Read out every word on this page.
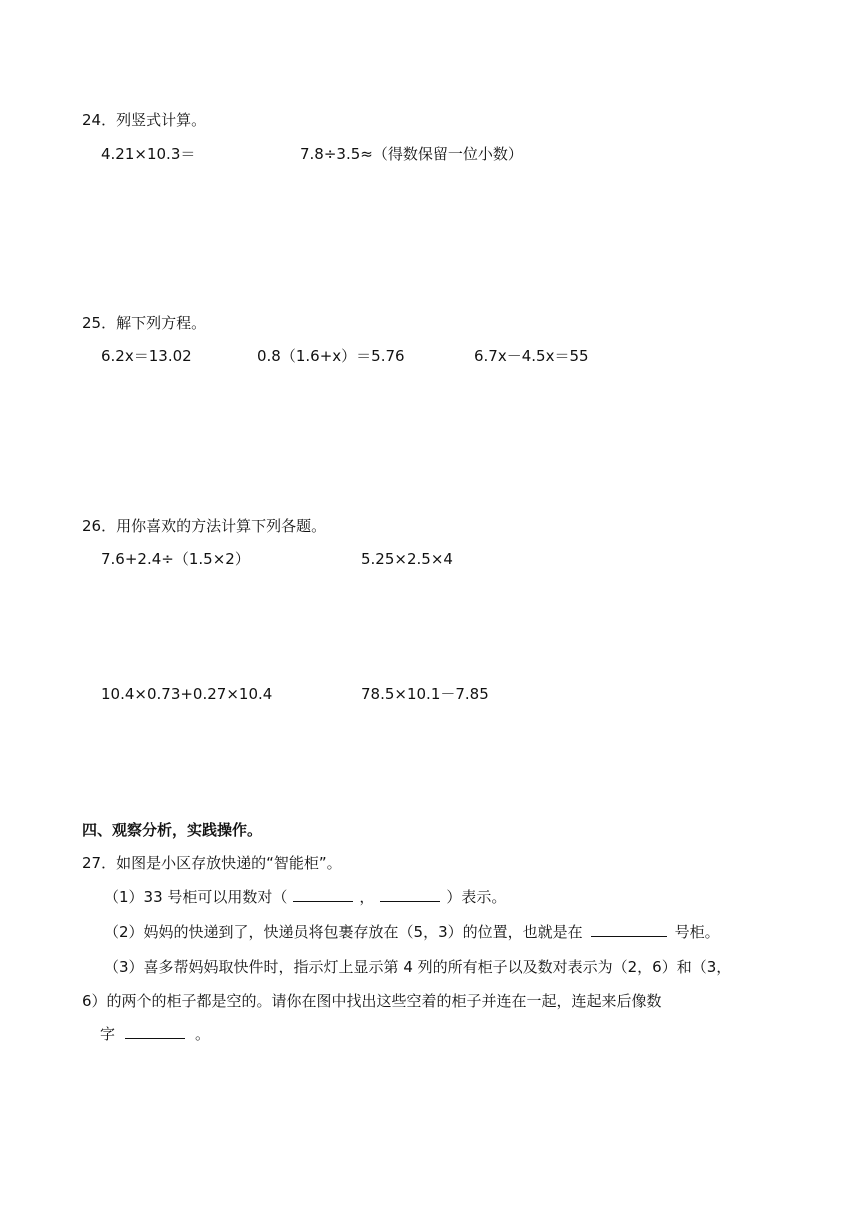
24．列竖式计算。
4.21×10.3＝	7.8÷3.5≈（得数保留一位小数）
25．解下列方程。
6.2x＝13.02	0.8（1.6+x）＝5.76	6.7x－4.5x＝55
26．用你喜欢的方法计算下列各题。
7.6+2.4÷（1.5×2）	5.25×2.5×4
10.4×0.73+0.27×10.4	78.5×10.1－7.85
四、观察分析，实践操作。
27．如图是小区存放快递的“智能柜”。
（1）33 号柜可以用数对（	，	）表示。
（2）妈妈的快递到了，快递员将包裹存放在（5，3）的位置，也就是在	号柜。
（3）喜多帮妈妈取快件时，指示灯上显示第 4 列的所有柜子以及数对表示为（2，6）和（3，
6）的两个的柜子都是空的。请你在图中找出这些空着的柜子并连在一起，连起来后像数
字	。
